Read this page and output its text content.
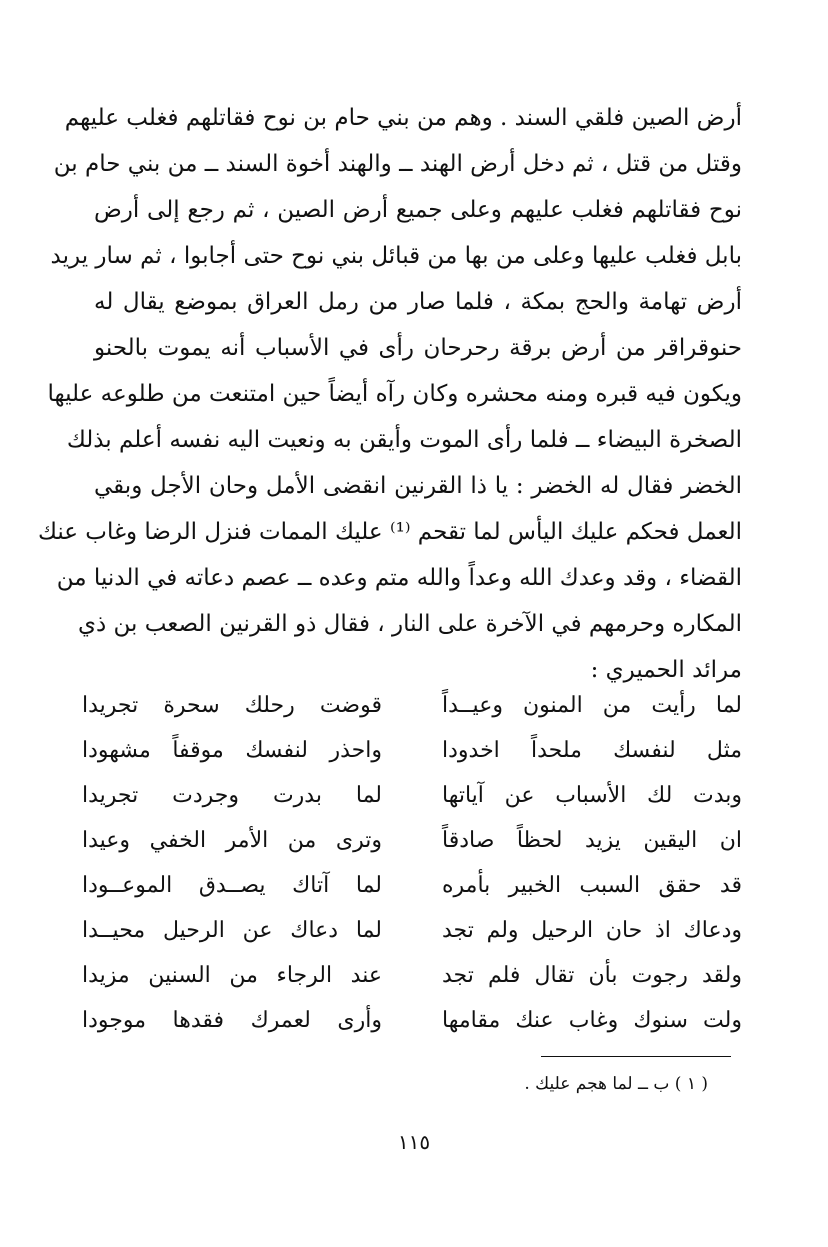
أرض الصين فلقي السند . وهم من بني حام بن نوح فقاتلهم فغلب عليهم
وقتل من قتل ، ثم دخل أرض الهند ــ والهند أخوة السند ــ من بني حام بن
نوح فقاتلهم فغلب عليهم وعلى جميع أرض الصين ، ثم رجع إلى أرض
بابل فغلب عليها وعلى من بها من قبائل بني نوح حتى أجابوا ، ثم سار يريد
أرض تهامة والحج بمكة ، فلما صار من رمل العراق بموضع يقال له
حنوقراقر من أرض برقة رحرحان رأى في الأسباب أنه يموت بالحنو
ويكون فيه قبره ومنه محشره وكان رآه أيضاً حين امتنعت من طلوعه عليها
الصخرة البيضاء ــ فلما رأى الموت وأيقن به ونعيت اليه نفسه أعلم بذلك
الخضر فقال له الخضر : يا ذا القرنين انقضى الأمل وحان الأجل وبقي
العمل فحكم عليك اليأس لما تقحم ⁽¹⁾ عليك الممات فنزل الرضا وغاب عنك
القضاء ، وقد وعدك الله وعداً والله متم وعده ــ عصم دعاته في الدنيا من
المكاره وحرمهم في الآخرة على النار ، فقال ذو القرنين الصعب بن ذي
مرائد الحميري :
لما رأيت من المنون وعيــداً
قوضت رحلك سحرة تجريدا
مثل لنفسك ملحداً اخدودا
واحذر لنفسك موقفاً مشهودا
وبدت لك الأسباب عن آياتها
لما بدرت وجردت تجريدا
ان اليقين يزيد لحظاً صادقاً
وترى من الأمر الخفي وعيدا
قد حقق السبب الخبير بأمره
لما آتاك يصــدق الموعــودا
ودعاك اذ حان الرحيل ولم تجد
لما دعاك عن الرحيل محيــدا
ولقد رجوت بأن تقال فلم تجد
عند الرجاء من السنين مزيدا
ولت سنوك وغاب عنك مقامها
وأرى لعمرك فقدها موجودا
( ١ ) ب ــ لما هجم عليك .
١١٥
